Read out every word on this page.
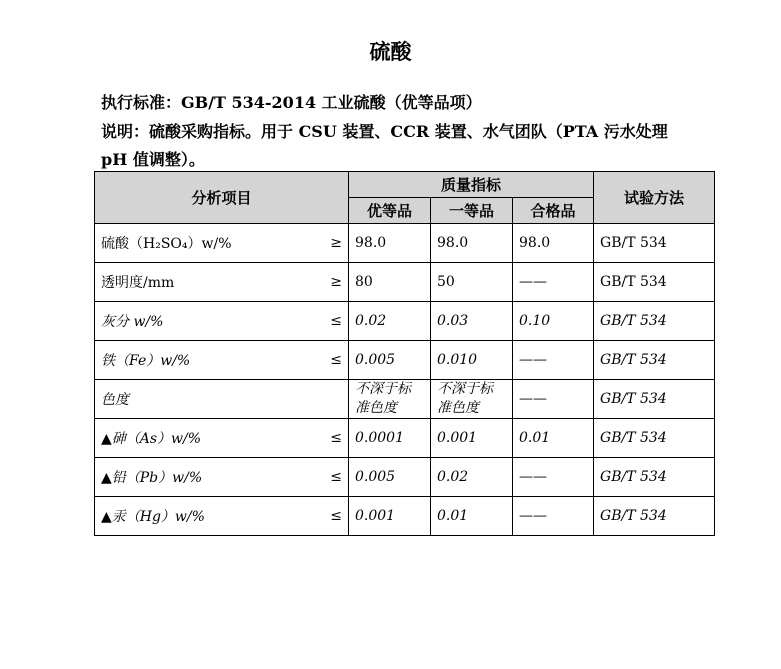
硫酸
执行标准：GB/T 534-2014 工业硫酸（优等品项）
说明：硫酸采购指标。用于 CSU 装置、CCR 装置、水气团队（PTA 污水处理
pH 值调整）。
分析项目	质量指标			试验方法
	优等品	一等品	合格品	
硫酸（H₂SO₄）w/% ≥	98.0	98.0	98.0	GB/T 534
透明度/mm ≥	80	50	——	GB/T 534
灰分 w/% ≤	0.02	0.03	0.10	GB/T 534
铁（Fe）w/% ≤	0.005	0.010	——	GB/T 534
色度	不深于标准色度	不深于标准色度	——	GB/T 534
▲砷（As）w/% ≤	0.0001	0.001	0.01	GB/T 534
▲铅（Pb）w/% ≤	0.005	0.02	——	GB/T 534
▲汞（Hg）w/% ≤	0.001	0.01	——	GB/T 534
